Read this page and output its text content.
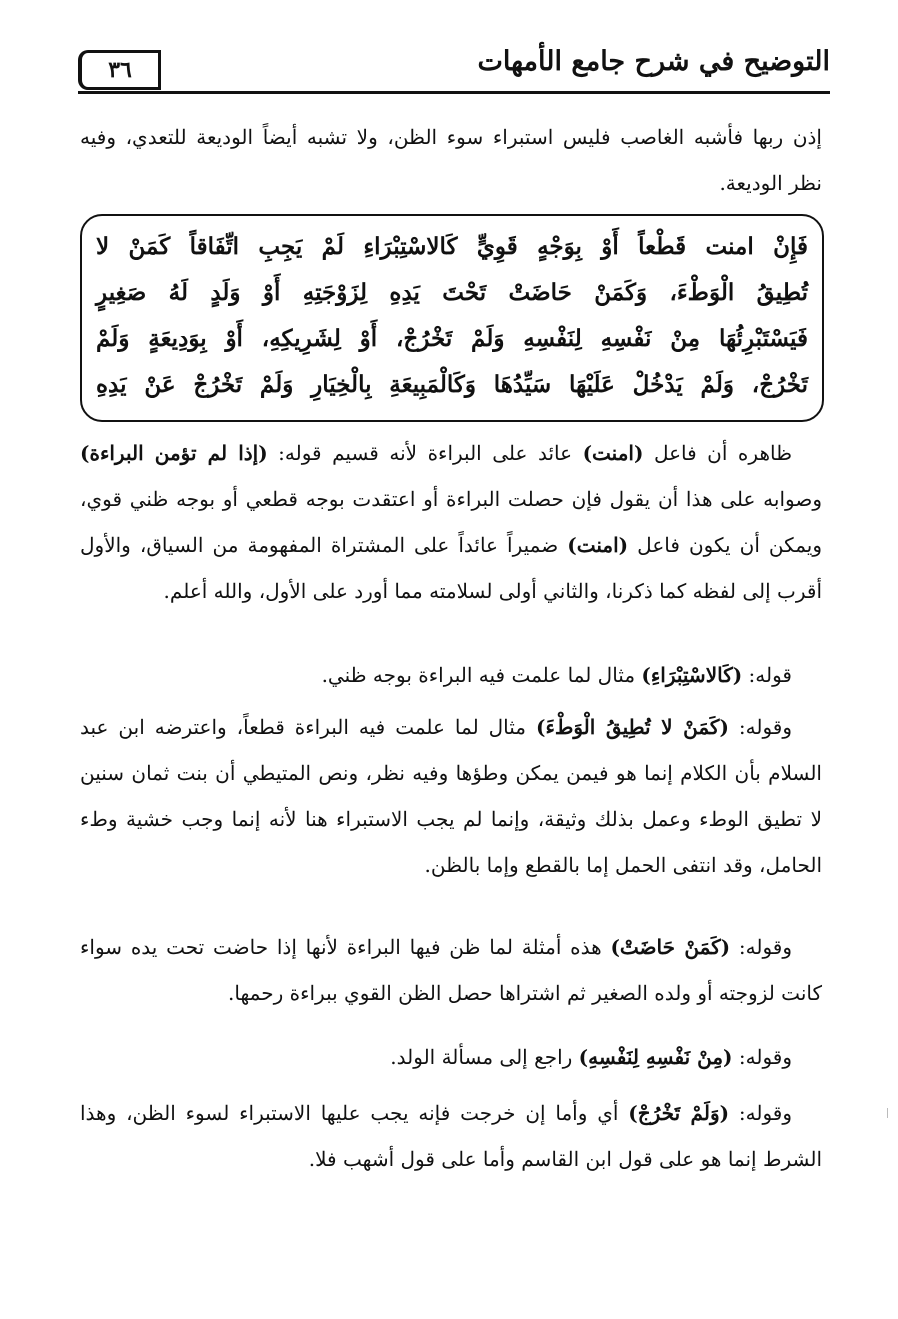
٣٦	التوضيح في شرح جامع الأمهات
إذن ربها فأشبه الغاصب فليس استبراء سوء الظن، ولا تشبه أيضاً الوديعة للتعدي، وفيه
نظر الوديعة.

فَإِنْ امنت قَطْعاً أَوْ بِوَجْهٍ قَوِيٍّ كَالاسْتِبْرَاءِ لَمْ يَجِبِ اتِّفَاقاً كَمَنْ لا

تُطِيقُ الْوَطْءَ، وَكَمَنْ حَاضَتْ تَحْتَ يَدِهِ لِزَوْجَتِهِ أَوْ وَلَدٍ لَهُ صَغِيرٍ

فَيَسْتَبْرِئُهَا مِنْ نَفْسِهِ لِنَفْسِهِ وَلَمْ تَخْرُجْ، أَوْ لِشَرِيكِهِ، أَوْ بِوَدِيعَةٍ وَلَمْ

تَخْرُجْ، وَلَمْ يَدْخُلْ عَلَيْهَا سَيِّدُهَا وَكَالْمَبِيعَةِ بِالْخِيَارِ وَلَمْ تَخْرُجْ عَنْ يَدِهِ

ظاهره أن فاعل (امنت) عائد على البراءة لأنه قسيم قوله: (إذا لم تؤمن البراءة) وصوابه على هذا أن يقول فإن حصلت البراءة أو اعتقدت بوجه قطعي أو بوجه ظني قوي، ويمكن أن يكون فاعل (امنت) ضميراً عائداً على المشتراة المفهومة من السياق، والأول أقرب إلى لفظه كما ذكرنا، والثاني أولى لسلامته مما أورد على الأول، والله أعلم.
قوله: (كَالاسْتِبْرَاءِ) مثال لما علمت فيه البراءة بوجه ظني.
وقوله: (كَمَنْ لا تُطِيقُ الْوَطْءَ) مثال لما علمت فيه البراءة قطعاً، واعترضه ابن عبد السلام بأن الكلام إنما هو فيمن يمكن وطؤها وفيه نظر، ونص المتيطي أن بنت ثمان سنين لا تطيق الوطء وعمل بذلك وثيقة، وإنما لم يجب الاستبراء هنا لأنه إنما وجب خشية وطء الحامل، وقد انتفى الحمل إما بالقطع وإما بالظن.
وقوله: (كَمَنْ حَاضَتْ) هذه أمثلة لما ظن فيها البراءة لأنها إذا حاضت تحت يده سواء كانت لزوجته أو ولده الصغير ثم اشتراها حصل الظن القوي ببراءة رحمها.
وقوله: (مِنْ نَفْسِهِ لِنَفْسِهِ) راجع إلى مسألة الولد.
وقوله: (وَلَمْ تَخْرُجْ) أي وأما إن خرجت فإنه يجب عليها الاستبراء لسوء الظن، وهذا الشرط إنما هو على قول ابن القاسم وأما على قول أشهب فلا.
